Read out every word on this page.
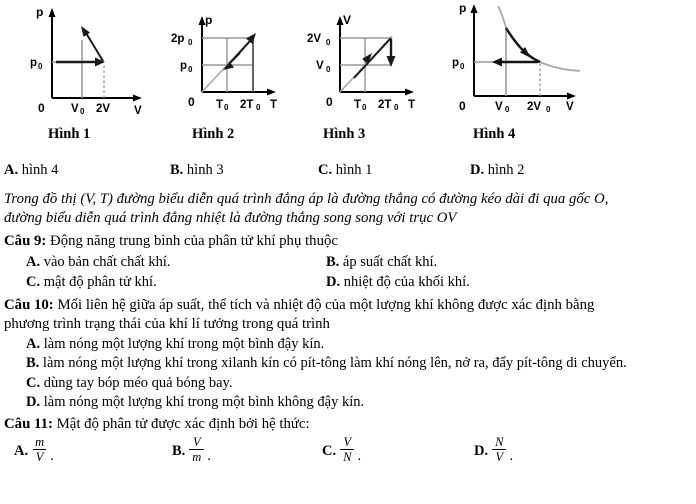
p
p 0
0 V 0 2V V
p
2p 0
p 0
0 T 0 2T 0 T
V
2V 0
V 0
0 T 0 2T 0 T
p
p 0
0	V 0 2V 0 V
Hình 1	Hình 2	Hình 3	Hình 4
A. hình 4	B. hình 3	C. hình 1	D. hình 2
Trong đồ thị (V, T) đường biểu diễn quá trình đẳng áp là đường thẳng có đường kéo dài đi qua gốc O,
đường biểu diễn quá trình đẳng nhiệt là đường thẳng song song với trục OV
Câu 9: Động năng trung bình của phân tử khí phụ thuộc
A. vào bản chất chất khí.	B. áp suất chất khí.
C. mật độ phân tử khí.	D. nhiệt độ của khối khí.
Câu 10: Mối liên hệ giữa áp suất, thể tích và nhiệt độ của một lượng khí không được xác định bằng
phương trình trạng thái của khí lí tưởng trong quá trình
A. làm nóng một lượng khí trong một bình đậy kín.
B. làm nóng một lượng khí trong xilanh kín có pít-tông làm khí nóng lên, nở ra, đẩy pít-tông di chuyển.
C. dùng tay bóp méo quả bóng bay.
D. làm nóng một lượng khí trong một bình không đậy kín.
Câu 11: Mật độ phân tử được xác định bởi hệ thức:
A. $\frac{m}{V}$ .	B. $\frac{V}{m}$ .	C. $\frac{V}{N}$ .	D. $\frac{N}{V}$ .
